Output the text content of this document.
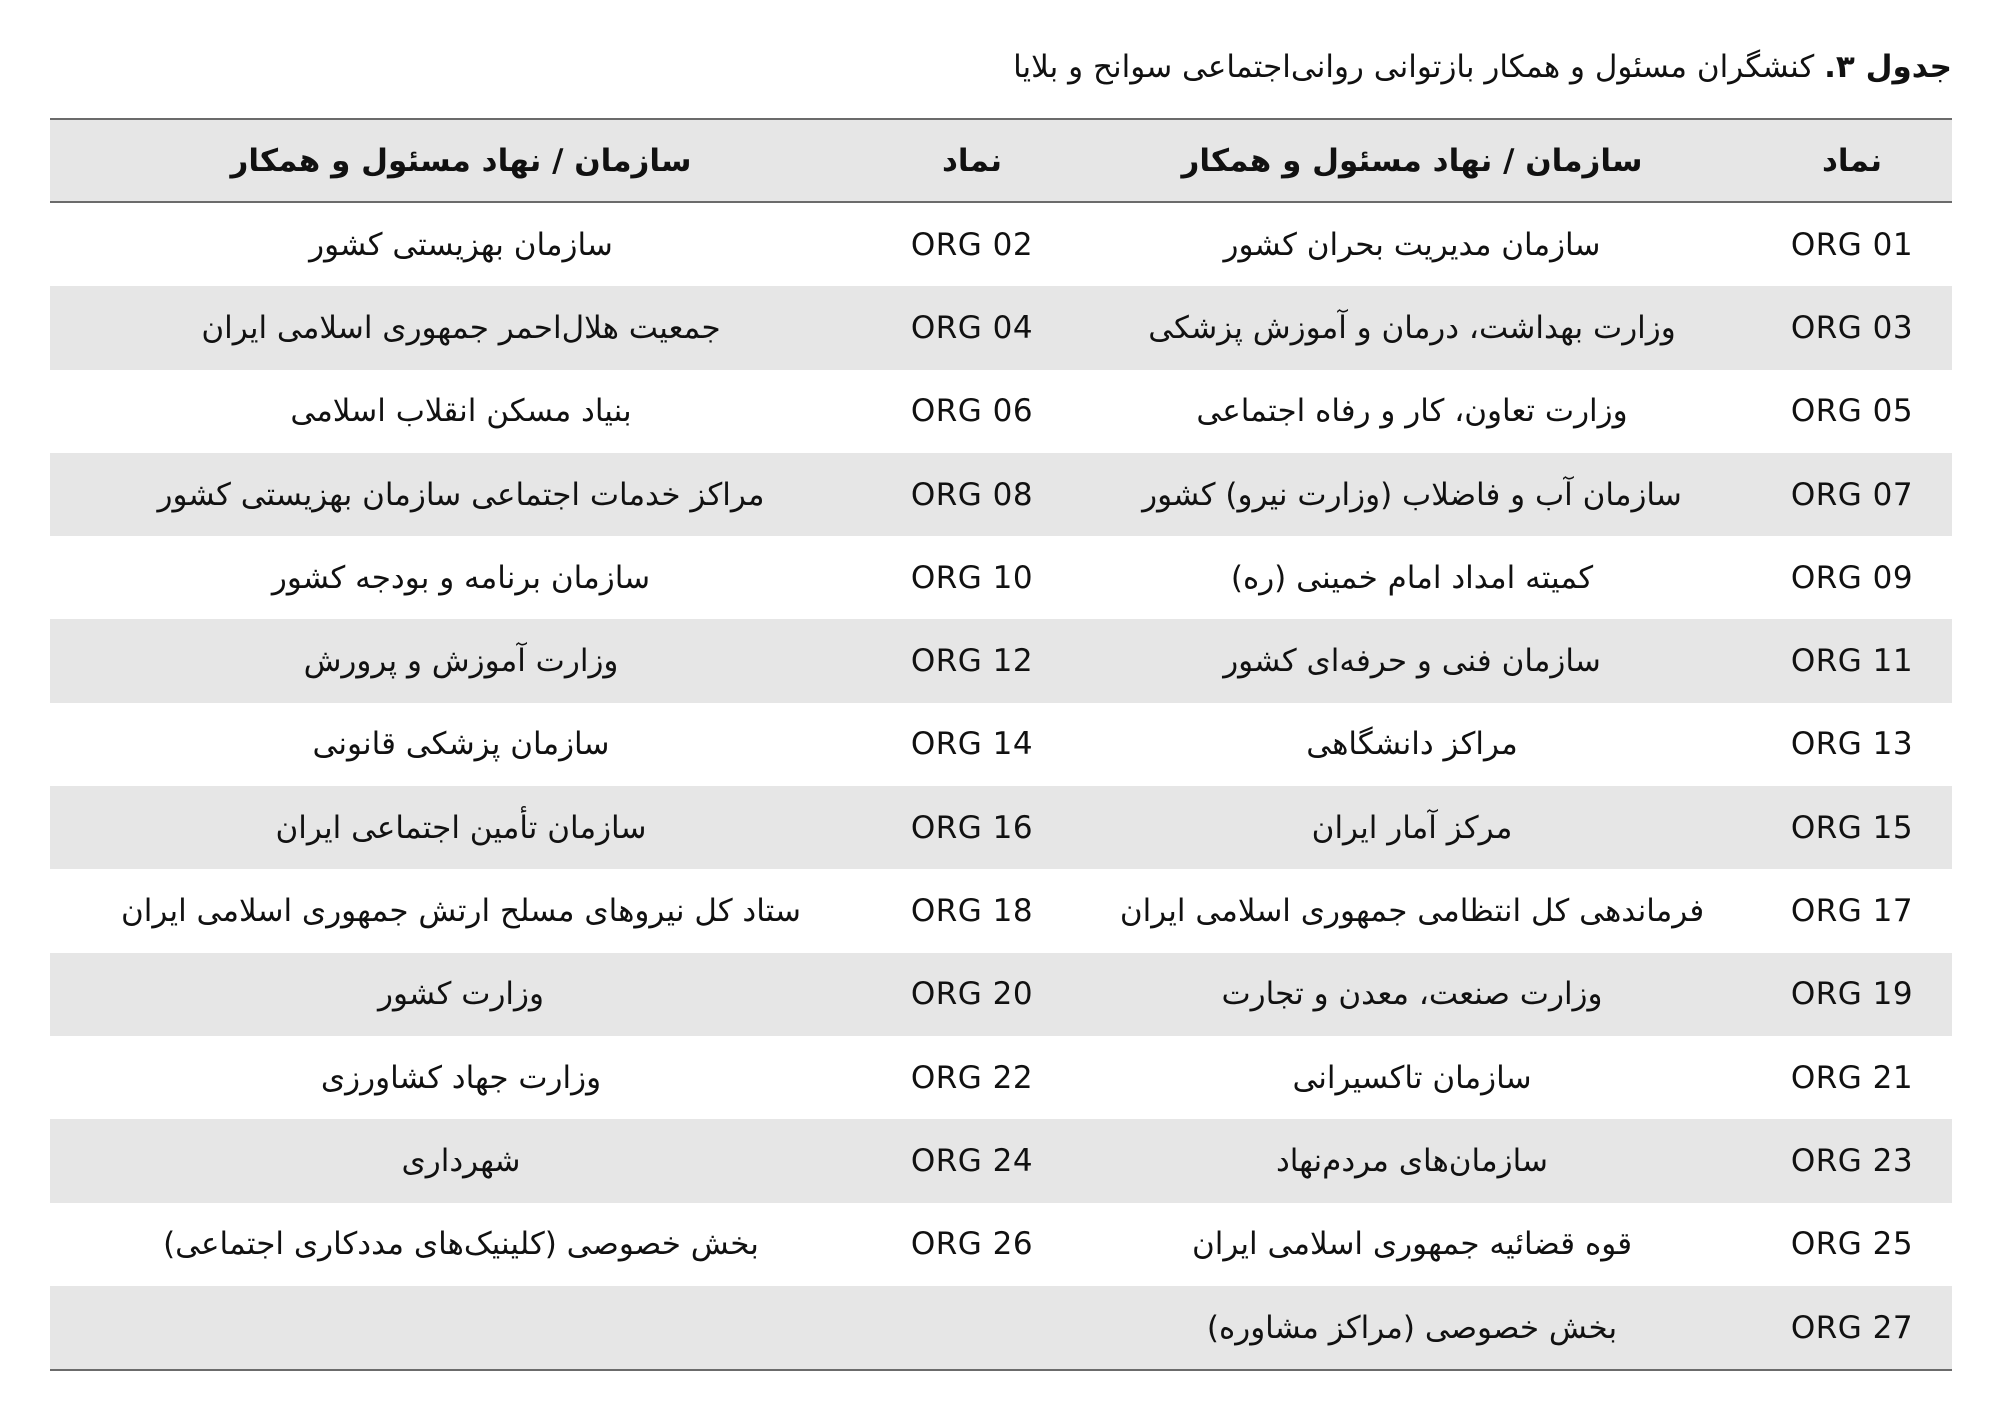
جدول ۳. کنشگران مسئول و همکار بازتوانی روانی‌اجتماعی سوانح و بلایا
نماد	سازمان / نهاد مسئول و همکار	نماد	سازمان / نهاد مسئول و همکار
ORG 01	سازمان مدیریت بحران کشور	ORG 02	سازمان بهزیستی کشور
ORG 03	وزارت بهداشت، درمان و آموزش پزشکی	ORG 04	جمعیت هلال‌احمر جمهوری اسلامی ایران
ORG 05	وزارت تعاون، کار و رفاه اجتماعی	ORG 06	بنیاد مسکن انقلاب اسلامی
ORG 07	سازمان آب و فاضلاب (وزارت نیرو) کشور	ORG 08	مراکز خدمات اجتماعی سازمان بهزیستی کشور
ORG 09	کمیته امداد امام خمینی (ره)	ORG 10	سازمان برنامه و بودجه کشور
ORG 11	سازمان فنی و حرفه‌ای کشور	ORG 12	وزارت آموزش و پرورش
ORG 13	مراکز دانشگاهی	ORG 14	سازمان پزشکی قانونی
ORG 15	مرکز آمار ایران	ORG 16	سازمان تأمین اجتماعی ایران
ORG 17	فرماندهی کل انتظامی جمهوری اسلامی ایران	ORG 18	ستاد کل نیروهای مسلح ارتش جمهوری اسلامی ایران
ORG 19	وزارت صنعت، معدن و تجارت	ORG 20	وزارت کشور
ORG 21	سازمان تاکسیرانی	ORG 22	وزارت جهاد کشاورزی
ORG 23	سازمان‌های مردم‌نهاد	ORG 24	شهرداری
ORG 25	قوه قضائیه جمهوری اسلامی ایران	ORG 26	بخش خصوصی (کلینیک‌های مددکاری اجتماعی)
ORG 27	بخش خصوصی (مراکز مشاوره)		
